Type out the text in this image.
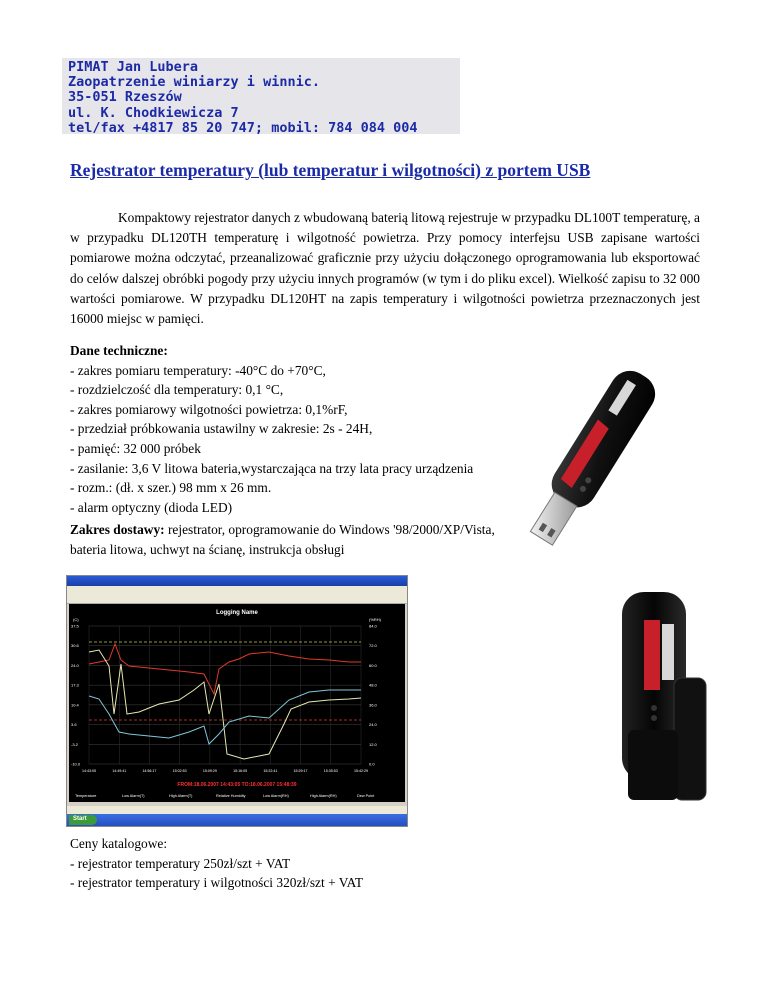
PIMAT Jan Lubera
Zaopatrzenie winiarzy i winnic.
35-051 Rzeszów
ul. K. Chodkiewicza 7
tel/fax +4817 85 20 747; mobil: 784 084 004
Rejestrator temperatury (lub temperatur i wilgotności) z portem USB

Kompaktowy rejestrator danych z wbudowaną baterią litową rejestruje w przypadku DL100T temperaturę, a w przypadku DL120TH temperaturę i wilgotność powietrza. Przy pomocy interfejsu USB zapisane wartości pomiarowe można odczytać, przeanalizować graficznie przy użyciu dołączonego oprogramowania lub eksportować do celów dalszej obróbki pogody przy użyciu innych programów (w tym i do pliku excel). Wielkość zapisu to 32 000 wartości pomiarowe. W przypadku DL120HT na zapis temperatury i wilgotności powietrza przeznaczonych jest 16000 miejsc w pamięci.

Dane techniczne:
- zakres pomiaru temperatury: -40°C do +70°C,
- rozdzielczość dla temperatury: 0,1 °C,
- zakres pomiarowy wilgotności powietrza: 0,1%rF,
- przedział próbkowania ustawilny w zakresie: 2s - 24H,
- pamięć: 32 000 próbek
- zasilanie: 3,6 V litowa bateria,wystarczająca na trzy lata pracy urządzenia
- rozm.: (dł. x szer.) 98 mm x 26 mm.
- alarm optyczny (dioda LED)
Zakres dostawy: rejestrator, oprogramowanie do Windows '98/2000/XP/Vista, bateria litowa, uchwyt na ścianę, instrukcja obsługi
Logging Name
(C)	(%RH)
37.5	84.0
30.6	72.0
24.0	60.0
17.3	48.0
10.4	36.0
3.6	24.0
-3.2	12.0
-10.0	0.0
14:43:05	14:49:41	14:56:17	15:02:53	15:09:29	15:16:05	15:22:41	15:29:17	15:35:53	15:42:29
FROM:18.06.2007 14:43:05 TO:18.06.2007 15:48:39
Temperature	Low Alarm(T)	High Alarm(T)	Relative Humidity	Low Alarm(RH)	High Alarm(RH)	Dew Point
Start
Ceny katalogowe:
- rejestrator temperatury 250zł/szt + VAT
- rejestrator temperatury i wilgotności 320zł/szt + VAT
